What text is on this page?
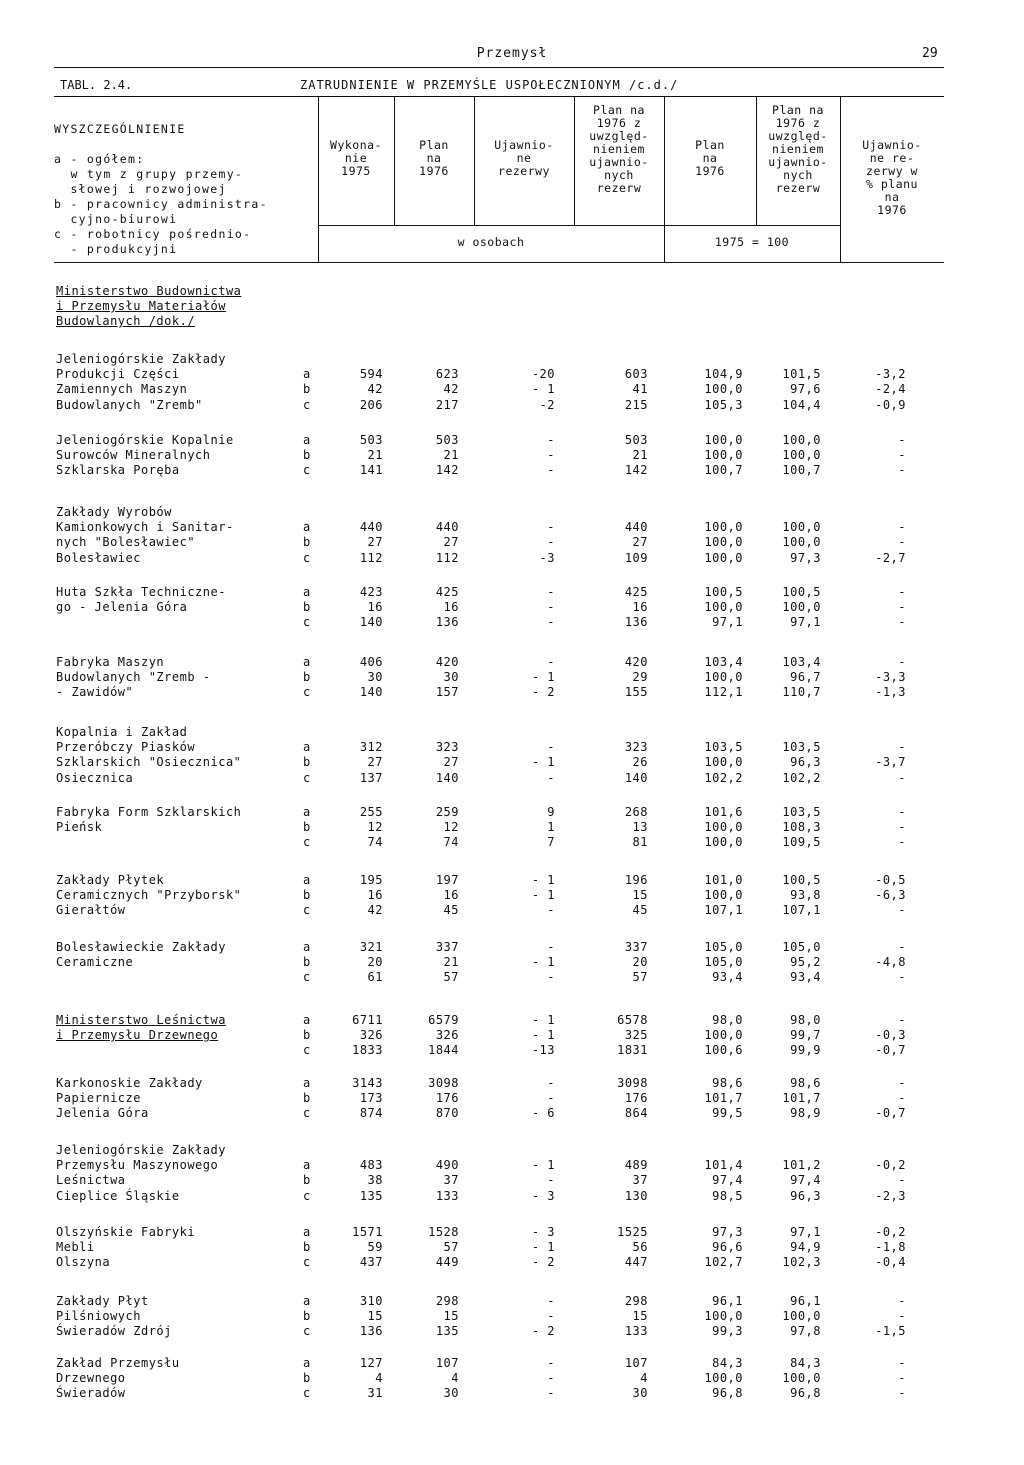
Przemysł	29
TABL. 2.4.	ZATRUDNIENIE W PRZEMYŚLE USPOŁECZNIONYM /c.d./
WYSZCZEGÓLNIENIE

a - ogółem:
w tym z grupy przemy-
słowej i rozwojowej
b - pracownicy administra-
cyjno-biurowi
c - robotnicy pośrednio-
- produkcyjni
Wykona-
nie
1975
Plan
na
1976
Ujawnio-
ne
rezerwy
Plan na
1976 z
uwzględ-
nieniem
ujawnio-
nych
rezerw
Plan
na
1976
Plan na
1976 z
uwzględ-
nieniem
ujawnio-
nych
rezerw
Ujawnio-
ne re-
zerwy w
% planu
na
1976
w osobach	1975 = 100
Ministerstwo Budownictwa
i Przemysłu Materiałów
Budowlanych /dok./
Jeleniogórskie Zakłady
Produkcji Części
Zamiennych Maszyn
Budowlanych "Zremb"
a	594	623	-20	603	104,9	101,5	-3,2
b	42	42	- 1	41	100,0	97,6	-2,4
c	206	217	-2	215	105,3	104,4	-0,9
Jeleniogórskie Kopalnie
Surowców Mineralnych
Szklarska Poręba
a	503	503	-	503	100,0	100,0	-
b	21	21	-	21	100,0	100,0	-
c	141	142	-	142	100,7	100,7	-
Zakłady Wyrobów
Kamionkowych i Sanitar-
nych "Bolesławiec"
Bolesławiec
a	440	440	-	440	100,0	100,0	-
b	27	27	-	27	100,0	100,0	-
c	112	112	-3	109	100,0	97,3	-2,7
Huta Szkła Techniczne-
go - Jelenia Góra
a	423	425	-	425	100,5	100,5	-
b	16	16	-	16	100,0	100,0	-
c	140	136	-	136	97,1	97,1	-
Fabryka Maszyn
Budowlanych "Zremb -
- Zawidów"
a	406	420	-	420	103,4	103,4	-
b	30	30	- 1	29	100,0	96,7	-3,3
c	140	157	- 2	155	112,1	110,7	-1,3
Kopalnia i Zakład
Przeróbczy Piasków
Szklarskich "Osiecznica"
Osiecznica
a	312	323	-	323	103,5	103,5	-
b	27	27	- 1	26	100,0	96,3	-3,7
c	137	140	-	140	102,2	102,2	-
Fabryka Form Szklarskich
Pieńsk
a	255	259	9	268	101,6	103,5	-
b	12	12	1	13	100,0	108,3	-
c	74	74	7	81	100,0	109,5	-
Zakłady Płytek
Ceramicznych "Przyborsk"
Gierałtów
a	195	197	- 1	196	101,0	100,5	-0,5
b	16	16	- 1	15	100,0	93,8	-6,3
c	42	45	-	45	107,1	107,1	-
Bolesławieckie Zakłady
Ceramiczne
a	321	337	-	337	105,0	105,0	-
b	20	21	- 1	20	105,0	95,2	-4,8
c	61	57	-	57	93,4	93,4	-
Ministerstwo Leśnictwa
i Przemysłu Drzewnego
a	6711	6579	- 1	6578	98,0	98,0	-
b	326	326	- 1	325	100,0	99,7	-0,3
c	1833	1844	-13	1831	100,6	99,9	-0,7
Karkonoskie Zakłady
Papiernicze
Jelenia Góra
a	3143	3098	-	3098	98,6	98,6	-
b	173	176	-	176	101,7	101,7	-
c	874	870	- 6	864	99,5	98,9	-0,7
Jeleniogórskie Zakłady
Przemysłu Maszynowego
Leśnictwa
Cieplice Śląskie
a	483	490	- 1	489	101,4	101,2	-0,2
b	38	37	-	37	97,4	97,4	-
c	135	133	- 3	130	98,5	96,3	-2,3
Olszyńskie Fabryki
Mebli
Olszyna
a	1571	1528	- 3	1525	97,3	97,1	-0,2
b	59	57	- 1	56	96,6	94,9	-1,8
c	437	449	- 2	447	102,7	102,3	-0,4
Zakłady Płyt
Pilśniowych
Świeradów Zdrój
a	310	298	-	298	96,1	96,1	-
b	15	15	-	15	100,0	100,0	-
c	136	135	- 2	133	99,3	97,8	-1,5
Zakład Przemysłu
Drzewnego
Świeradów
a	127	107	-	107	84,3	84,3	-
b	4	4	-	4	100,0	100,0	-
c	31	30	-	30	96,8	96,8	-
